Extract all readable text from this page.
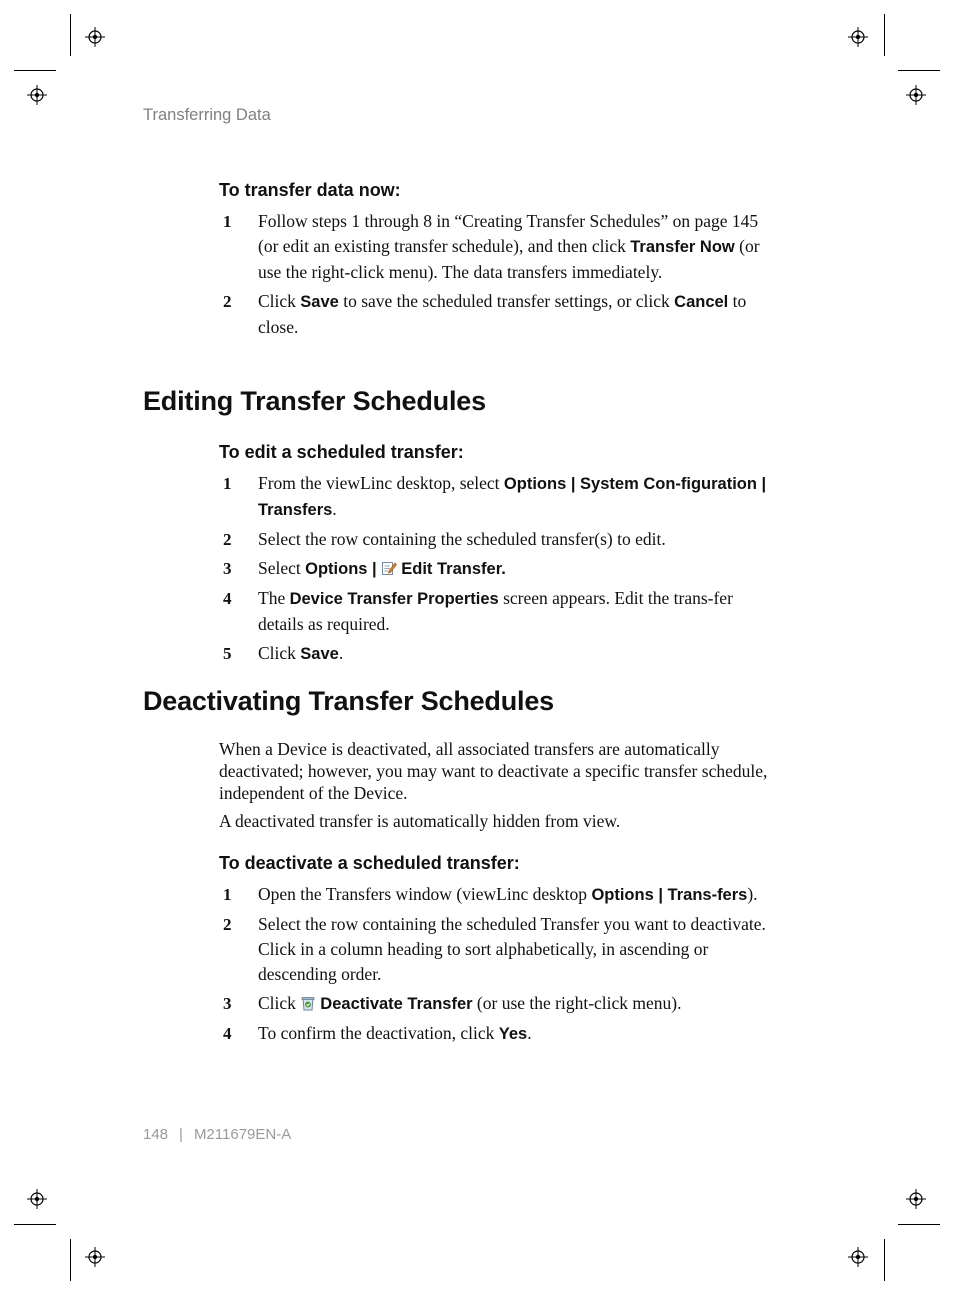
Transferring Data
To transfer data now:
1 Follow steps 1 through 8 in “Creating Transfer Schedules” on page 145 (or edit an existing transfer schedule), and then click Transfer Now (or use the right-click menu). The data transfers immediately.
2 Click Save to save the scheduled transfer settings, or click Cancel to close.
Editing Transfer Schedules
To edit a scheduled transfer:
1 From the viewLinc desktop, select Options | System Con-figuration | Transfers.
2 Select the row containing the scheduled transfer(s) to edit.
3 Select Options | Edit Transfer.
4 The Device Transfer Properties screen appears. Edit the trans-fer details as required.
5 Click Save.
Deactivating Transfer Schedules

When a Device is deactivated, all associated transfers are automatically deactivated; however, you may want to deactivate a specific transfer schedule, independent of the Device.

A deactivated transfer is automatically hidden from view.

To deactivate a scheduled transfer:
1 Open the Transfers window (viewLinc desktop Options | Trans-fers).
2 Select the row containing the scheduled Transfer you want to deactivate. Click in a column heading to sort alphabetically, in ascending or descending order.
3 Click Deactivate Transfer (or use the right-click menu).
4 To confirm the deactivation, click Yes.
148 | M211679EN-A
